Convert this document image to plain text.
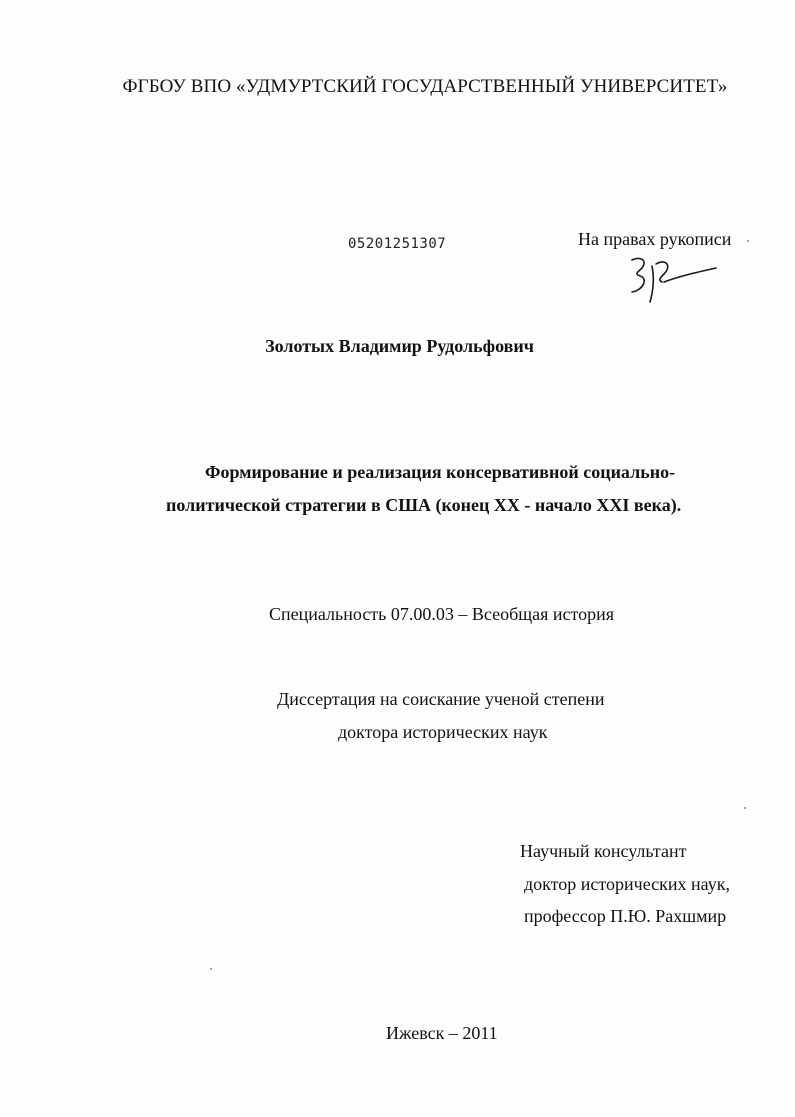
ФГБОУ ВПО «УДМУРТСКИЙ ГОСУДАРСТВЕННЫЙ УНИВЕРСИТЕТ»
05201251307	На правах рукописи
Золотых Владимир Рудольфович
Формирование и реализация консервативной социально-
политической стратегии в США (конец XX - начало XXI века).
Специальность 07.00.03 – Всеобщая история
Диссертация на соискание ученой степени
доктора исторических наук
Научный консультант
доктор исторических наук,
профессор П.Ю. Рахшмир
Ижевск – 2011
